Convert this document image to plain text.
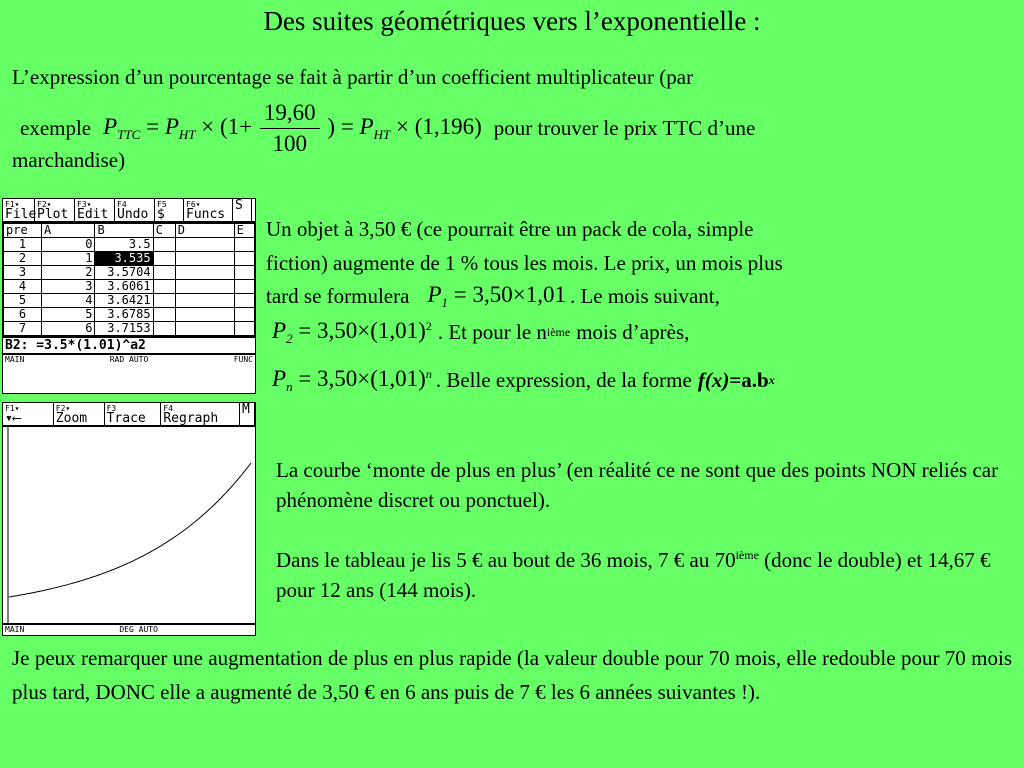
Des suites géométriques vers l’exponentielle :
L’expression d’un pourcentage se fait à partir d’un coefficient multiplicateur (par
exemple $P_{TTC} = P_{HT} \times (1+ \frac{19,60}{100}$ ) = $P_{HT} \times (1,196)$ pour trouver le prix TTC d’une
marchandise)
F1▾
File
F2▾
Plot
F3▾
Edit
F4
Undo
F5
$
F6▾
Funcs
S
pre	A	B	C	D	E
1	0	3.5			
2	1	3.535			
3	2	3.5704			
4	3	3.6061			
5	4	3.6421			
6	5	3.6785			
7	6	3.7153			
B2: =3.5*(1.01)^a2
MAIN	RAD AUTO	FUNC
F1▾
▾⟵
F2▾
Zoom
F3
Trace
F4
Regraph
M
MAIN	DEG AUTO
Un objet à 3,50 € (ce pourrait être un pack de cola, simple
fiction) augmente de 1 % tous les mois. Le prix, un mois plus
tard se formulera $P_1 = 3,50\times 1,01$ . Le mois suivant,
$P_2 = 3,50\times(1,01)^2$ . Et pour le n ième mois d’après,
$P_n = 3,50\times(1,01)^n$ . Belle expression, de la forme f(x) =a.b x
La courbe ‘monte de plus en plus’ (en réalité ce ne sont que des points NON reliés car phénomène discret ou ponctuel).
Dans le tableau je lis 5 € au bout de 36 mois, 7 € au 70ième (donc le double) et 14,67 € pour 12 ans (144 mois).
Je peux remarquer une augmentation de plus en plus rapide (la valeur double pour 70 mois, elle redouble pour 70 mois plus tard, DONC elle a augmenté de 3,50 € en 6 ans puis de 7 € les 6 années suivantes !).
